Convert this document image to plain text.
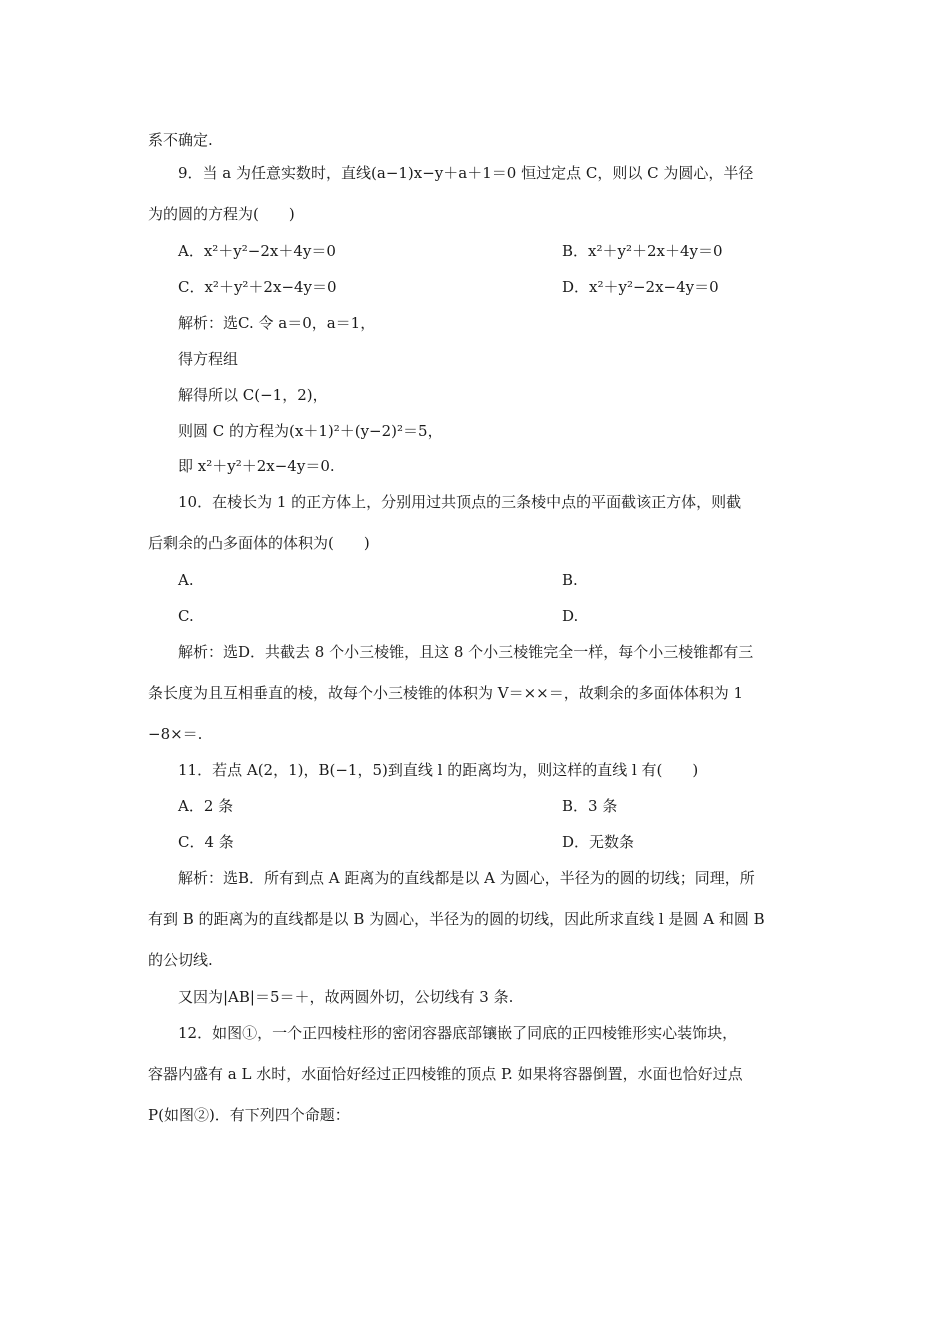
系不确定.
9．当 a 为任意实数时，直线(a−1)x−y＋a＋1＝0 恒过定点 C，则以 C 为圆心，半径
为的圆的方程为(　　)
A．x²＋y²−2x＋4y＝0	B．x²＋y²＋2x＋4y＝0
C．x²＋y²＋2x−4y＝0	D．x²＋y²−2x−4y＝0
解析：选C. 令 a＝0，a＝1，
得方程组
解得所以 C(−1，2)，
则圆 C 的方程为(x＋1)²＋(y−2)²＝5，
即 x²＋y²＋2x−4y＝0.
10．在棱长为 1 的正方体上，分别用过共顶点的三条棱中点的平面截该正方体，则截
后剩余的凸多面体的体积为(　　)
A.	B.
C.	D.
解析：选D．共截去 8 个小三棱锥，且这 8 个小三棱锥完全一样，每个小三棱锥都有三
条长度为且互相垂直的棱，故每个小三棱锥的体积为 V＝××＝，故剩余的多面体体积为 1
−8×＝.
11．若点 A(2，1)，B(−1，5)到直线 l 的距离均为，则这样的直线 l 有(　　)
A．2 条	B．3 条
C．4 条	D．无数条
解析：选B．所有到点 A 距离为的直线都是以 A 为圆心，半径为的圆的切线；同理，所
有到 B 的距离为的直线都是以 B 为圆心，半径为的圆的切线，因此所求直线 l 是圆 A 和圆 B
的公切线.
又因为|AB|＝5＝＋，故两圆外切，公切线有 3 条.
12．如图①，一个正四棱柱形的密闭容器底部镶嵌了同底的正四棱锥形实心装饰块，
容器内盛有 a L 水时，水面恰好经过正四棱锥的顶点 P. 如果将容器倒置，水面也恰好过点
P(如图②)．有下列四个命题：
